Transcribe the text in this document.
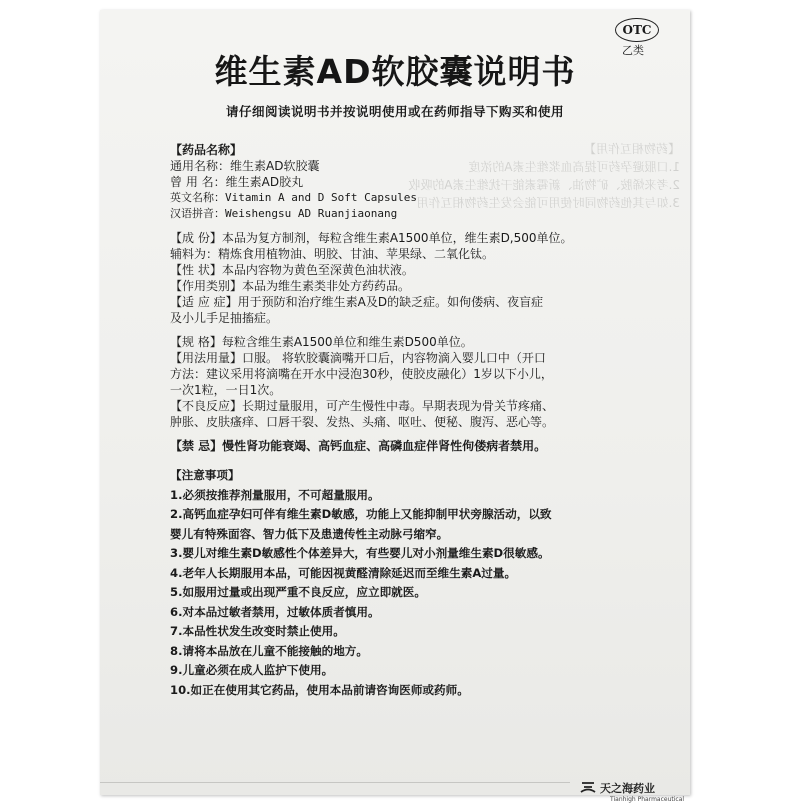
【药物相互作用】
1.口服避孕药可提高血浆维生素A的浓度
2.考来烯胺、矿物油、新霉素能干扰维生素A的吸收
3.如与其他药物同时使用可能会发生药物相互作用
OTC
乙类
维生素AD软胶囊说明书
请仔细阅读说明书并按说明使用或在药师指导下购买和使用
【药品名称】
通用名称：维生素AD软胶囊
曾 用 名：维生素AD胶丸
英文名称：Vitamin A and D Soft Capsules
汉语拼音：Weishengsu AD Ruanjiaonang
【成 份】本品为复方制剂，每粒含维生素A1500单位，维生素D,500单位。
辅料为：精炼食用植物油、明胶、甘油、苹果绿、二氧化钛。
【性 状】本品内容物为黄色至深黄色油状液。
【作用类别】本品为维生素类非处方药药品。
【适 应 症】用于预防和治疗维生素A及D的缺乏症。如佝偻病、夜盲症及小儿手足抽搐症。
【规 格】每粒含维生素A1500单位和维生素D500单位。
【用法用量】口服。 将软胶囊滴嘴开口后，内容物滴入婴儿口中（开口方法：建议采用将滴嘴在开水中浸泡30秒，使胶皮融化）1岁以下小儿，一次1粒，一日1次。
【不良反应】长期过量服用，可产生慢性中毒。早期表现为骨关节疼痛、肿胀、皮肤瘙痒、口唇干裂、发热、头痛、呕吐、便秘、腹泻、恶心等。
【禁 忌】慢性肾功能衰竭、高钙血症、高磷血症伴肾性佝偻病者禁用。
【注意事项】
1.必须按推荐剂量服用，不可超量服用。
2.高钙血症孕妇可伴有维生素D敏感，功能上又能抑制甲状旁腺活动，以致婴儿有特殊面容、智力低下及患遗传性主动脉弓缩窄。
3.婴儿对维生素D敏感性个体差异大，有些婴儿对小剂量维生素D很敏感。
4.老年人长期服用本品，可能因视黄醛清除延迟而至维生素A过量。
5.如服用过量或出现严重不良反应，应立即就医。
6.对本品过敏者禁用，过敏体质者慎用。
7.本品性状发生改变时禁止使用。
8.请将本品放在儿童不能接触的地方。
9.儿童必须在成人监护下使用。
10.如正在使用其它药品，使用本品前请咨询医师或药师。
天之海药业
Tianhigh Pharmaceutical
